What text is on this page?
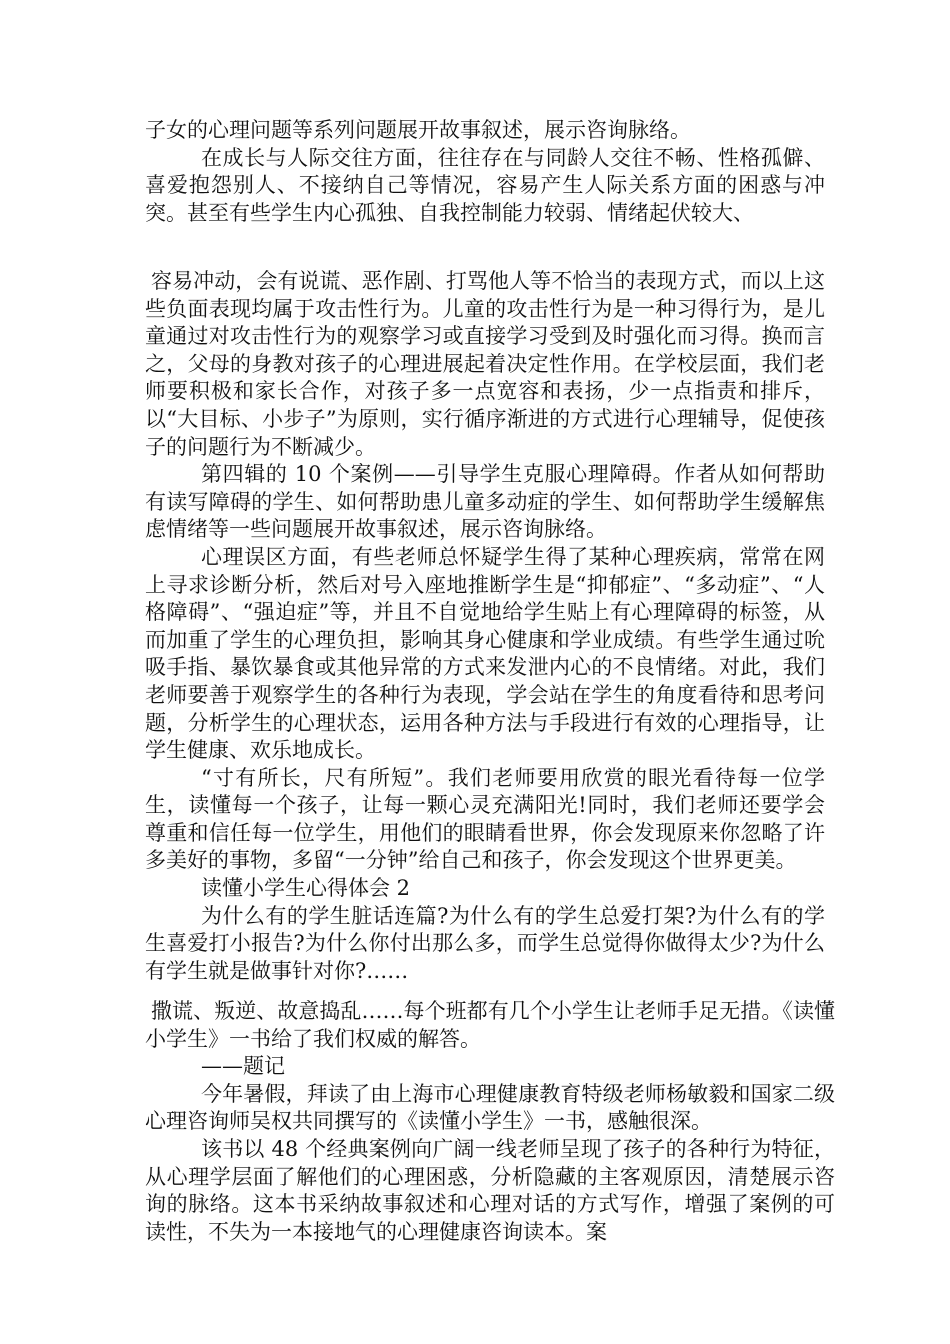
子女的心理问题等系列问题展开故事叙述，展示咨询脉络。

在成长与人际交往方面，往往存在与同龄人交往不畅、性格孤僻、喜爱抱怨别人、不接纳自己等情况，容易产生人际关系方面的困惑与冲突。甚至有些学生内心孤独、自我控制能力较弱、情绪起伏较大、

容易冲动，会有说谎、恶作剧、打骂他人等不恰当的表现方式，而以上这些负面表现均属于攻击性行为。儿童的攻击性行为是一种习得行为，是儿童通过对攻击性行为的观察学习或直接学习受到及时强化而习得。换而言之，父母的身教对孩子的心理进展起着决定性作用。在学校层面，我们老师要积极和家长合作，对孩子多一点宽容和表扬，少一点指责和排斥，以“大目标、小步子”为原则，实行循序渐进的方式进行心理辅导，促使孩子的问题行为不断减少。

第四辑的 10 个案例——引导学生克服心理障碍。作者从如何帮助有读写障碍的学生、如何帮助患儿童多动症的学生、如何帮助学生缓解焦虑情绪等一些问题展开故事叙述，展示咨询脉络。

心理误区方面，有些老师总怀疑学生得了某种心理疾病，常常在网上寻求诊断分析，然后对号入座地推断学生是“抑郁症”、“多动症”、“人格障碍”、“强迫症”等，并且不自觉地给学生贴上有心理障碍的标签，从而加重了学生的心理负担，影响其身心健康和学业成绩。有些学生通过吮吸手指、暴饮暴食或其他异常的方式来发泄内心的不良情绪。对此，我们老师要善于观察学生的各种行为表现，学会站在学生的角度看待和思考问题，分析学生的心理状态，运用各种方法与手段进行有效的心理指导，让学生健康、欢乐地成长。

“寸有所长，尺有所短”。我们老师要用欣赏的眼光看待每一位学生，读懂每一个孩子，让每一颗心灵充满阳光!同时，我们老师还要学会尊重和信任每一位学生，用他们的眼睛看世界，你会发现原来你忽略了许多美好的事物，多留“一分钟”给自己和孩子，你会发现这个世界更美。

读懂小学生心得体会 2

为什么有的学生脏话连篇?为什么有的学生总爱打架?为什么有的学生喜爱打小报告?为什么你付出那么多，而学生总觉得你做得太少?为什么有学生就是做事针对你?……

撒谎、叛逆、故意捣乱……每个班都有几个小学生让老师手足无措。《读懂小学生》一书给了我们权威的解答。

——题记

今年暑假，拜读了由上海市心理健康教育特级老师杨敏毅和国家二级心理咨询师吴权共同撰写的《读懂小学生》一书，感触很深。

该书以 48 个经典案例向广阔一线老师呈现了孩子的各种行为特征，从心理学层面了解他们的心理困惑，分析隐藏的主客观原因，清楚展示咨询的脉络。这本书采纳故事叙述和心理对话的方式写作，增强了案例的可读性，不失为一本接地气的心理健康咨询读本。案
